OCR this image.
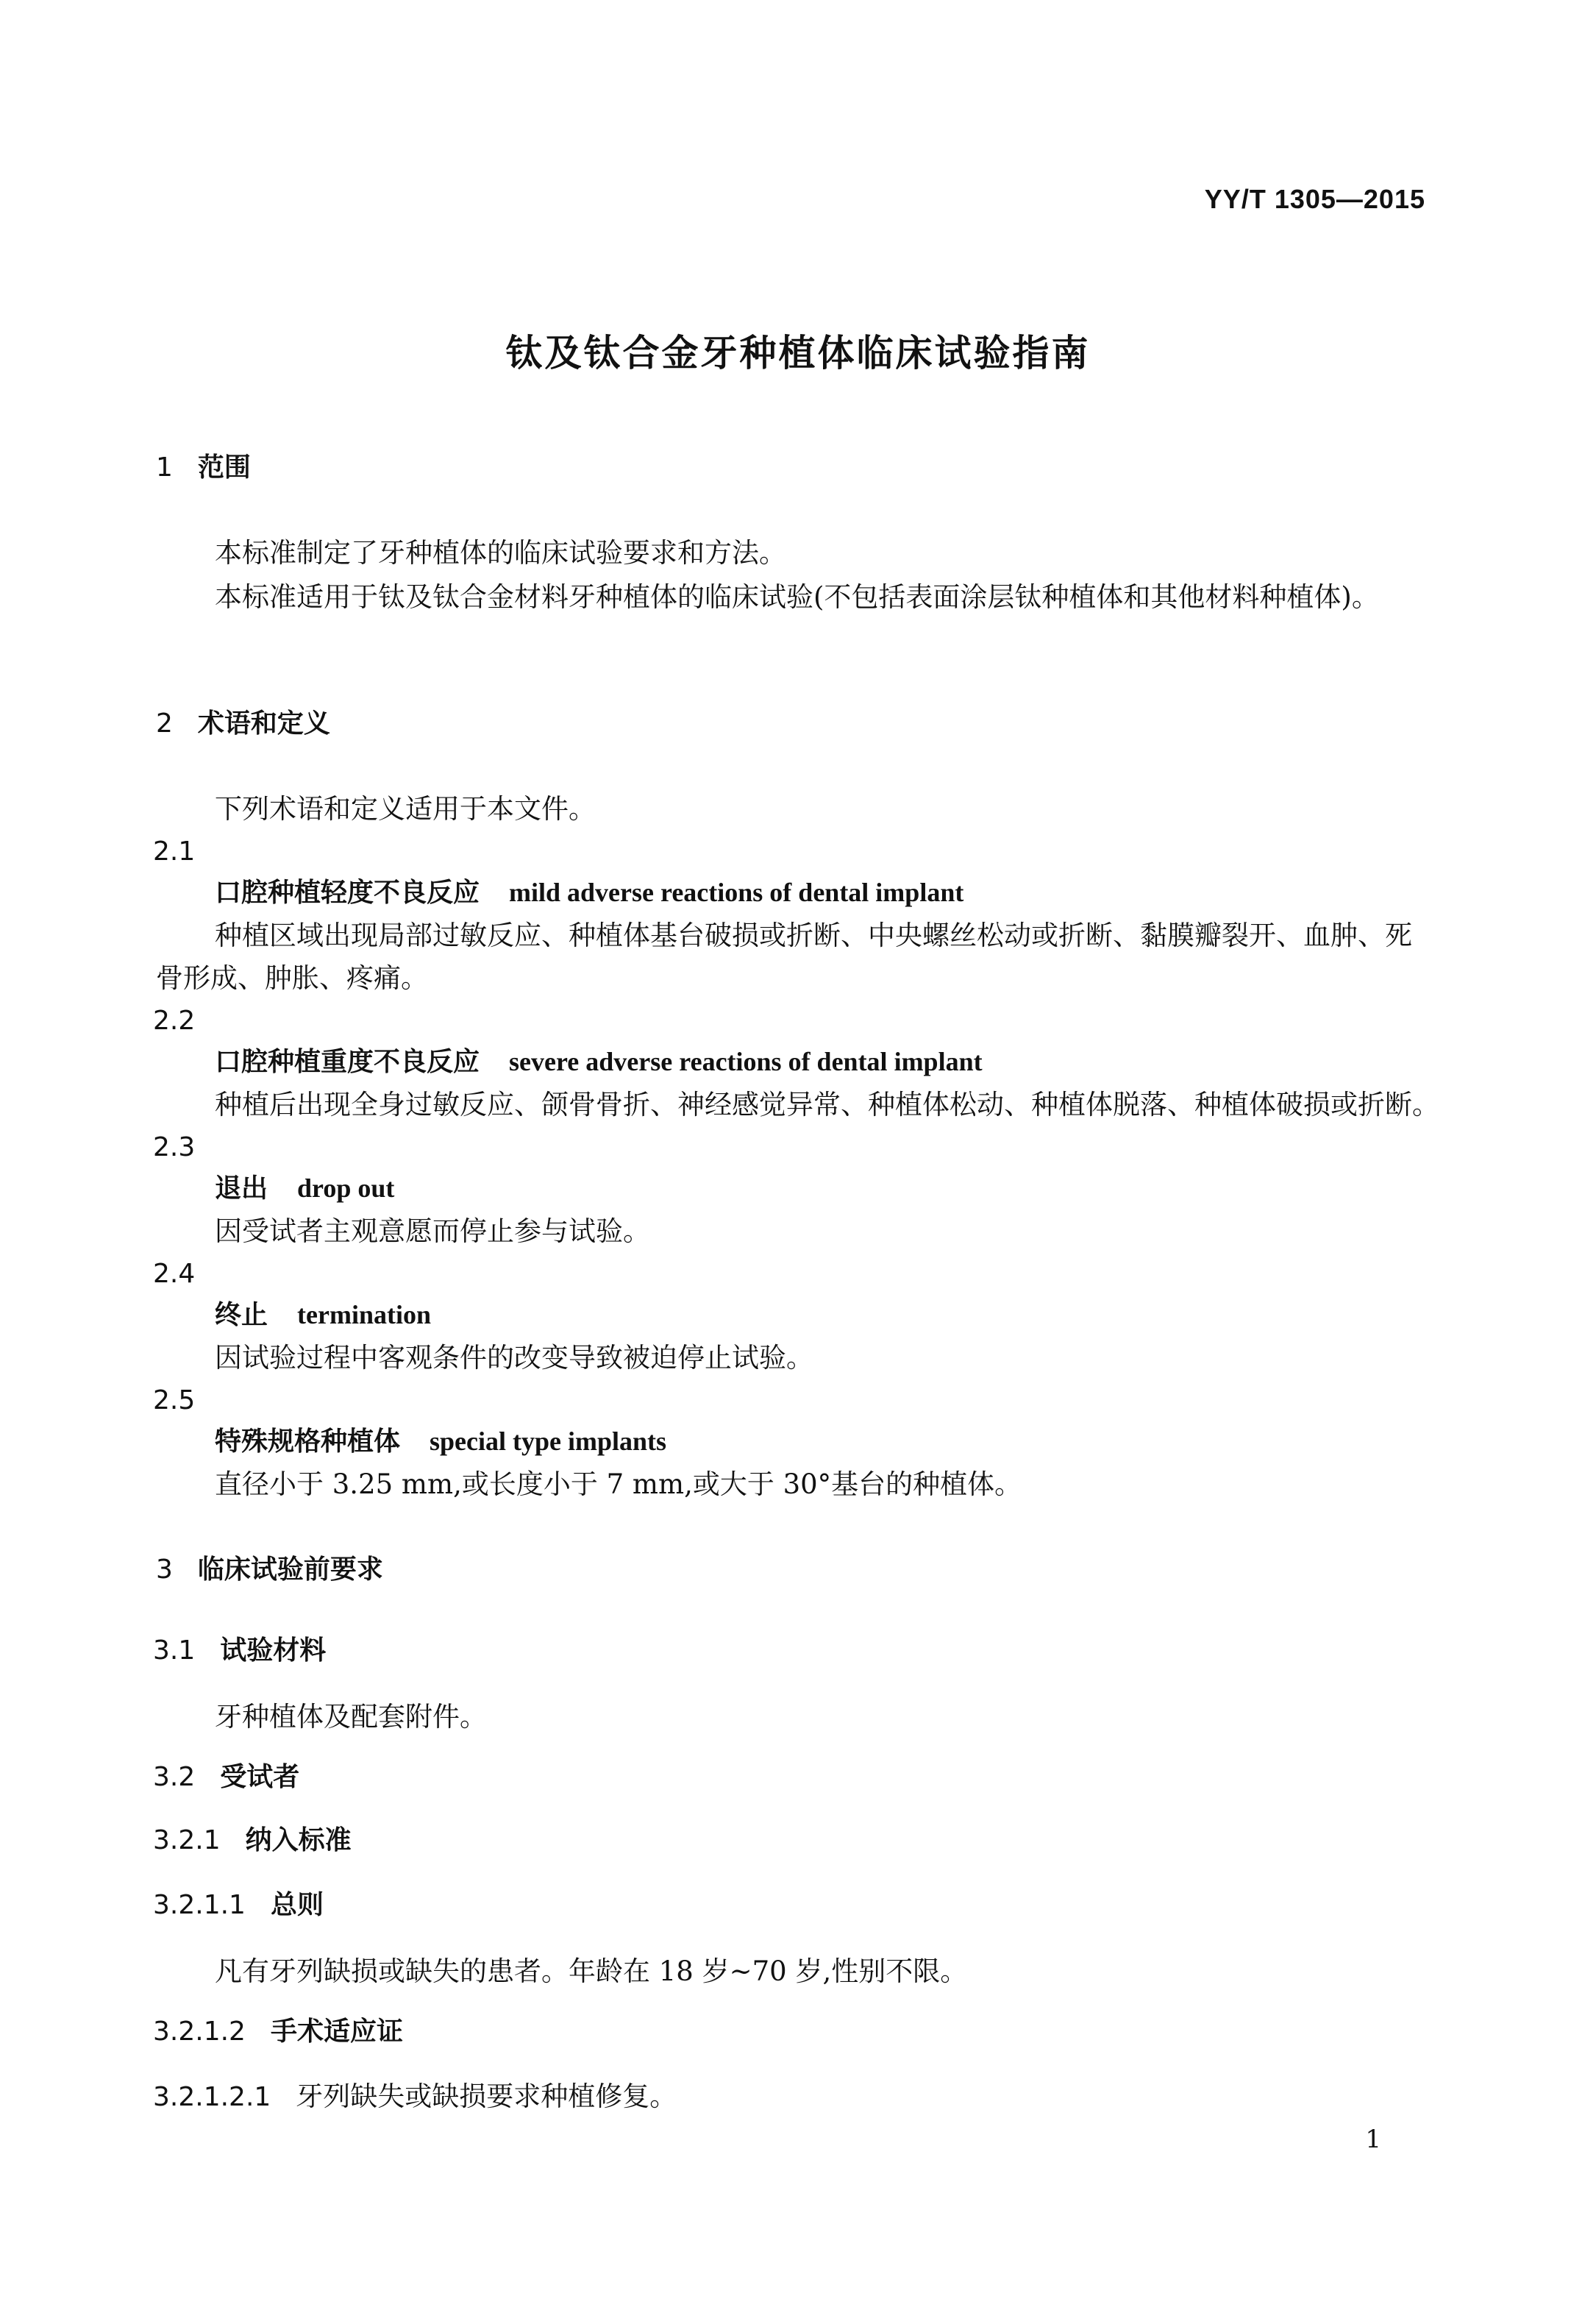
YY/T 1305—2015
钛及钛合金牙种植体临床试验指南
1 范围
本标准制定了牙种植体的临床试验要求和方法。
本标准适用于钛及钛合金材料牙种植体的临床试验(不包括表面涂层钛种植体和其他材料种植体)。
2 术语和定义
下列术语和定义适用于本文件。
2.1
口腔种植轻度不良反应 mild adverse reactions of dental implant
种植区域出现局部过敏反应、种植体基台破损或折断、中央螺丝松动或折断、黏膜瓣裂开、血肿、死
骨形成、肿胀、疼痛。
2.2
口腔种植重度不良反应 severe adverse reactions of dental implant
种植后出现全身过敏反应、颌骨骨折、神经感觉异常、种植体松动、种植体脱落、种植体破损或折断。
2.3
退出 drop out
因受试者主观意愿而停止参与试验。
2.4
终止 termination
因试验过程中客观条件的改变导致被迫停止试验。
2.5
特殊规格种植体 special type implants
直径小于 3.25 mm,或长度小于 7 mm,或大于 30°基台的种植体。
3 临床试验前要求
3.1 试验材料
牙种植体及配套附件。
3.2 受试者
3.2.1 纳入标准
3.2.1.1 总则
凡有牙列缺损或缺失的患者。年龄在 18 岁~70 岁,性别不限。
3.2.1.2 手术适应证
3.2.1.2.1 牙列缺失或缺损要求种植修复。
1
